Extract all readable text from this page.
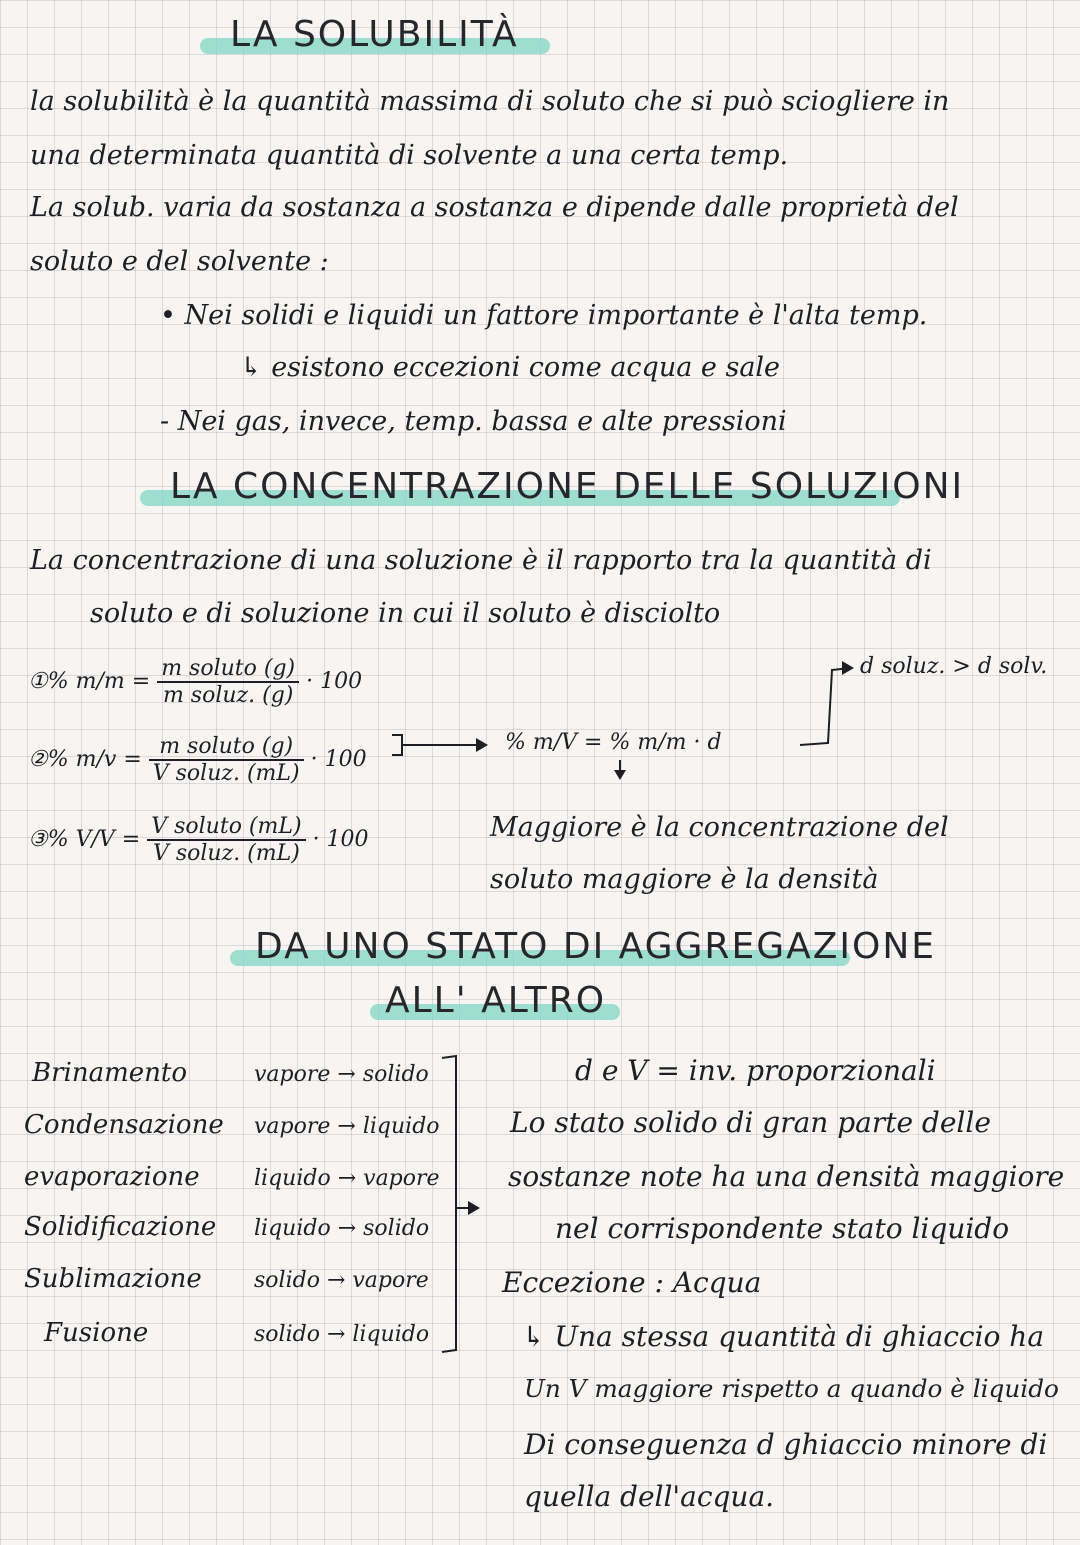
LA SOLUBILITÀ
la solubilità è la quantità massima di soluto che si può sciogliere in
una determinata quantità di solvente a una certa temp.
La solub. varia da sostanza a sostanza e dipende dalle proprietà del
soluto e del solvente :
• Nei solidi e liquidi un fattore importante è l'alta temp.
↳ esistono eccezioni come acqua e sale
- Nei gas, invece, temp. bassa e alte pressioni
LA CONCENTRAZIONE DELLE SOLUZIONI
La concentrazione di una soluzione è il rapporto tra la quantità di
soluto e di soluzione in cui il soluto è disciolto
①% $m/m = \frac{\text{m soluto (g)}}{\text{m soluz. (g)}} \cdot 100$
②% $m/v = \frac{\text{m soluto (g)}}{\text{V soluz. (mL)}} \cdot 100$
③% $V/V = \frac{\text{V soluto (mL)}}{\text{V soluz. (mL)}} \cdot 100$
% m/V = % m/m · d
d soluz. > d solv.
Maggiore è la concentrazione del
soluto maggiore è la densità
DA UNO STATO DI AGGREGAZIONE
ALL' ALTRO
Brinamento
Condensazione
evaporazione
Solidificazione
Sublimazione
Fusione
vapore → solido
vapore → liquido
liquido → vapore
liquido → solido
solido → vapore
solido → liquido
d e V = inv. proporzionali
Lo stato solido di gran parte delle
sostanze note ha una densità maggiore
nel corrispondente stato liquido
Eccezione : Acqua
↳ Una stessa quantità di ghiaccio ha
Un V maggiore rispetto a quando è liquido
Di conseguenza d ghiaccio minore di
quella dell'acqua.
